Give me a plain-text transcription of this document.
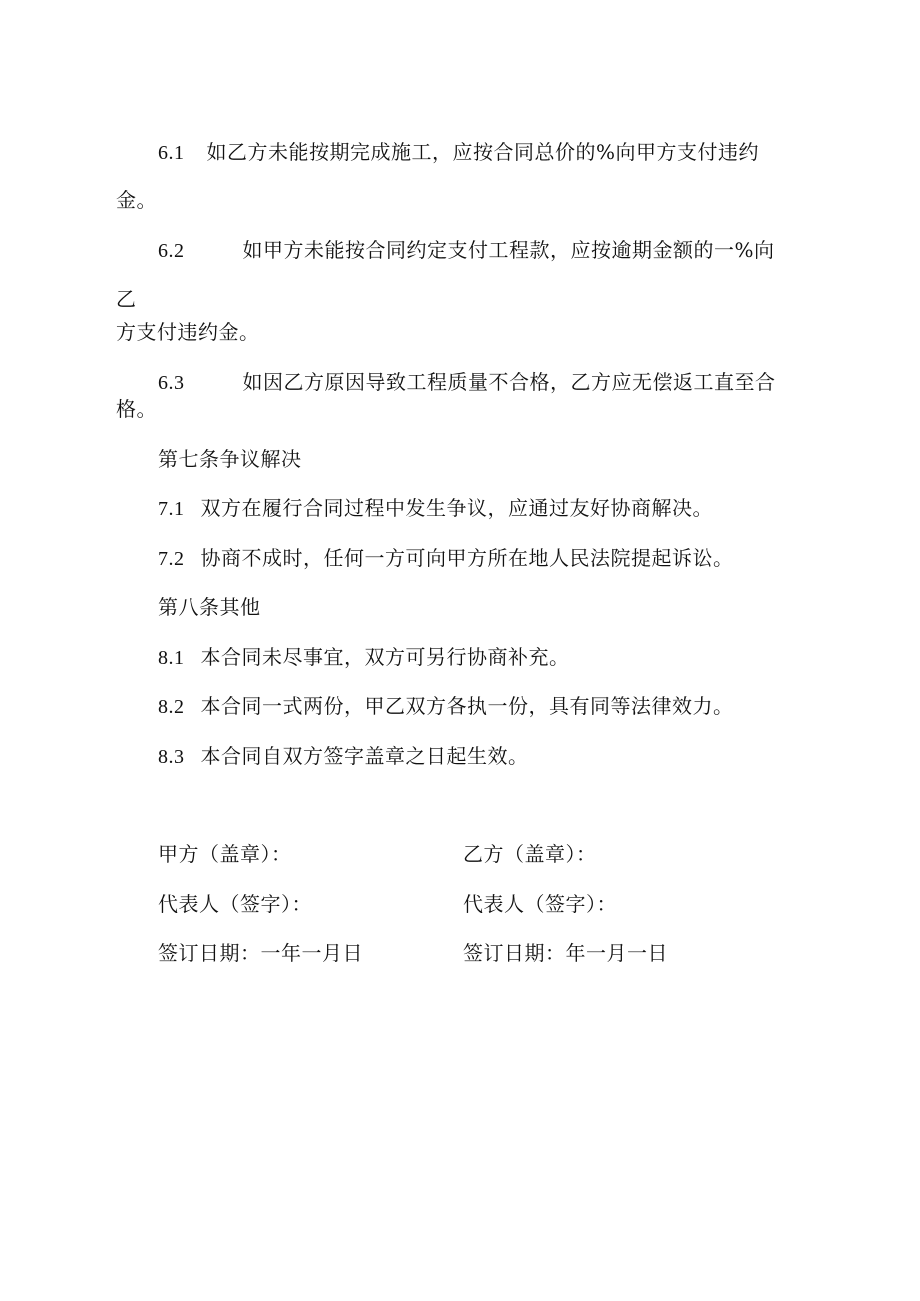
6.1 如乙方未能按期完成施工，应按合同总价的%向甲方支付违约
金。
6.2	如甲方未能按合同约定支付工程款，应按逾期金额的一%向
乙
方支付违约金。
6.3	如因乙方原因导致工程质量不合格，乙方应无偿返工直至合
格。
第七条争议解决
7.1 双方在履行合同过程中发生争议，应通过友好协商解决。
7.2 协商不成时，任何一方可向甲方所在地人民法院提起诉讼。
第八条其他
8.1 本合同未尽事宜，双方可另行协商补充。
8.2 本合同一式两份，甲乙双方各执一份，具有同等法律效力。
8.3 本合同自双方签字盖章之日起生效。
甲方（盖章）：
代表人（签字）：
签订日期：一年一月日
乙方（盖章）：
代表人（签字）：
签订日期：年一月一日
